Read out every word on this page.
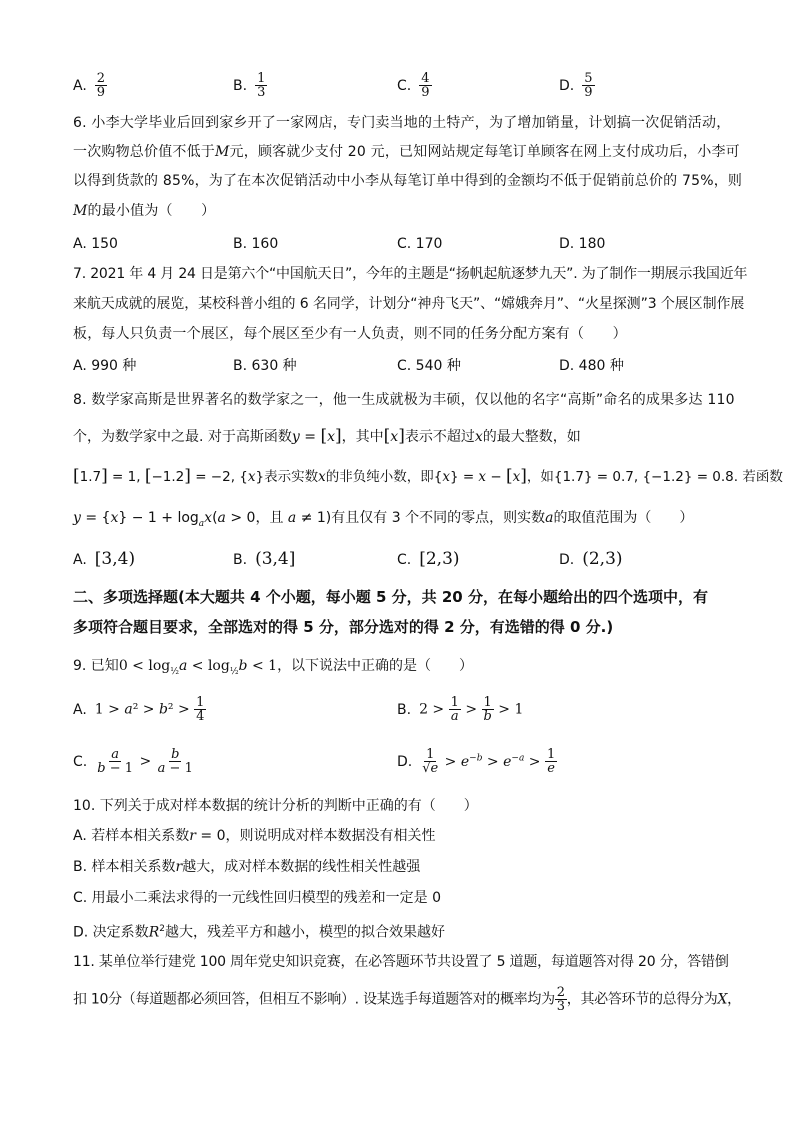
A. $\frac{2}{9}$	B. $\frac{1}{3}$	C. $\frac{4}{9}$	D. $\frac{5}{9}$
6. 小李大学毕业后回到家乡开了一家网店，专门卖当地的土特产，为了增加销量，计划搞一次促销活动，
一次购物总价值不低于M元，顾客就少支付 20 元，已知网站规定每笔订单顾客在网上支付成功后，小李可
以得到货款的 85%，为了在本次促销活动中小李从每笔订单中得到的金额均不低于促销前总价的 75%，则
M的最小值为（　　）
A. 150	B. 160	C. 170	D. 180
7. 2021 年 4 月 24 日是第六个“中国航天日”，今年的主题是“扬帆起航逐梦九天”. 为了制作一期展示我国近年
来航天成就的展览，某校科普小组的 6 名同学，计划分“神舟飞天”、“嫦娥奔月”、“火星探测”3 个展区制作展
板，每人只负责一个展区，每个展区至少有一人负责，则不同的任务分配方案有（　　）
A. 990 种	B. 630 种	C. 540 种	D. 480 种
8. 数学家高斯是世界著名的数学家之一，他一生成就极为丰硕，仅以他的名字“高斯”命名的成果多达 110
个，为数学家中之最. 对于高斯函数y = [x]，其中[x]表示不超过x的最大整数，如
[1.7] = 1, [−1.2] = −2, {x}表示实数x的非负纯小数，即{x} = x − [x]，如{1.7} = 0.7, {−1.2} = 0.8. 若函数
$y = \{x\} - 1 + \log_ax(a > 0$，且 a ≠ 1)有且仅有 3 个不同的零点，则实数a的取值范围为（　　）
A. [3,4)	B. (3,4]	C. [2,3)	D. (2,3)
二、多项选择题(本大题共 4 个小题，每小题 5 分，共 20 分，在每小题给出的四个选项中，有
多项符合题目要求，全部选对的得 5 分，部分选对的得 2 分，有选错的得 0 分.)
9. 已知$0 < \log_{\frac{1}{2}}a < \log_{\frac{1}{2}}b < 1$，以下说法中正确的是（　　）
A. $1 > a^2 > b^2 > \frac{1}{4}$	B. $2 > \frac{1}{a} > \frac{1}{b} > 1$
C. $\frac{a}{b - 1} > \frac{b}{a - 1}$	D. $\frac{1}{√e} > e^{-b} > e^{-a} > \frac{1}{e}$
10. 下列关于成对样本数据的统计分析的判断中正确的有（　　）
A. 若样本相关系数r = 0，则说明成对样本数据没有相关性
B. 样本相关系数r越大，成对样本数据的线性相关性越强
C. 用最小二乘法求得的一元线性回归模型的残差和一定是 0
D. 决定系数$R^2$越大，残差平方和越小，模型的拟合效果越好
11. 某单位举行建党 100 周年党史知识竞赛，在必答题环节共设置了 5 道题，每道题答对得 20 分，答错倒
扣 10分（每道题都必须回答，但相互不影响）. 设某选手每道题答对的概率均为 $\frac{2}{3}$ ，其必答环节的总得分为X，
